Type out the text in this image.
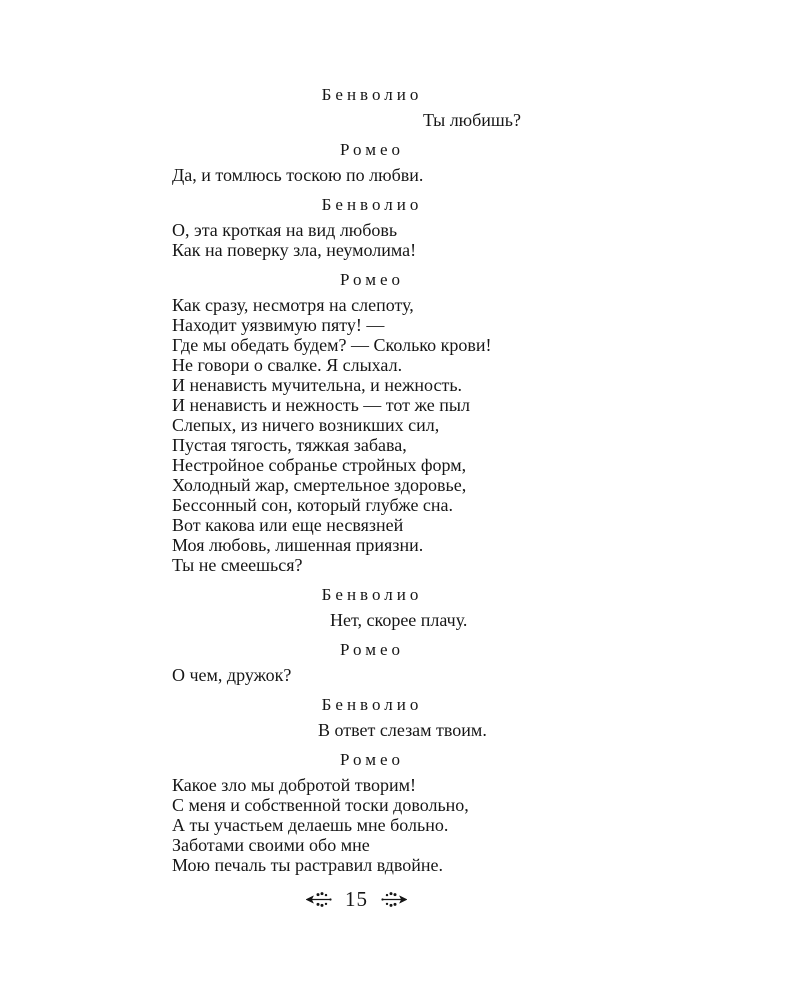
Бенволио
Ты любишь?
Ромео
Да, и томлюсь тоскою по любви.
Бенволио
О, эта кроткая на вид любовь
Как на поверку зла, неумолима!
Ромео
Как сразу, несмотря на слепоту,
Находит уязвимую пяту! —
Где мы обедать будем? — Сколько крови!
Не говори о свалке. Я слыхал.
И ненависть мучительна, и нежность.
И ненависть и нежность — тот же пыл
Слепых, из ничего возникших сил,
Пустая тягость, тяжкая забава,
Нестройное собранье стройных форм,
Холодный жар, смертельное здоровье,
Бессонный сон, который глубже сна.
Вот какова или еще несвязней
Моя любовь, лишенная приязни.
Ты не смеешься?
Бенволио
Нет, скорее плачу.
Ромео
О чем, дружок?
Бенволио
В ответ слезам твоим.
Ромео
Какое зло мы добротой творим!
С меня и собственной тоски довольно,
А ты участьем делаешь мне больно.
Заботами своими обо мне
Мою печаль ты растравил вдвойне.
15
